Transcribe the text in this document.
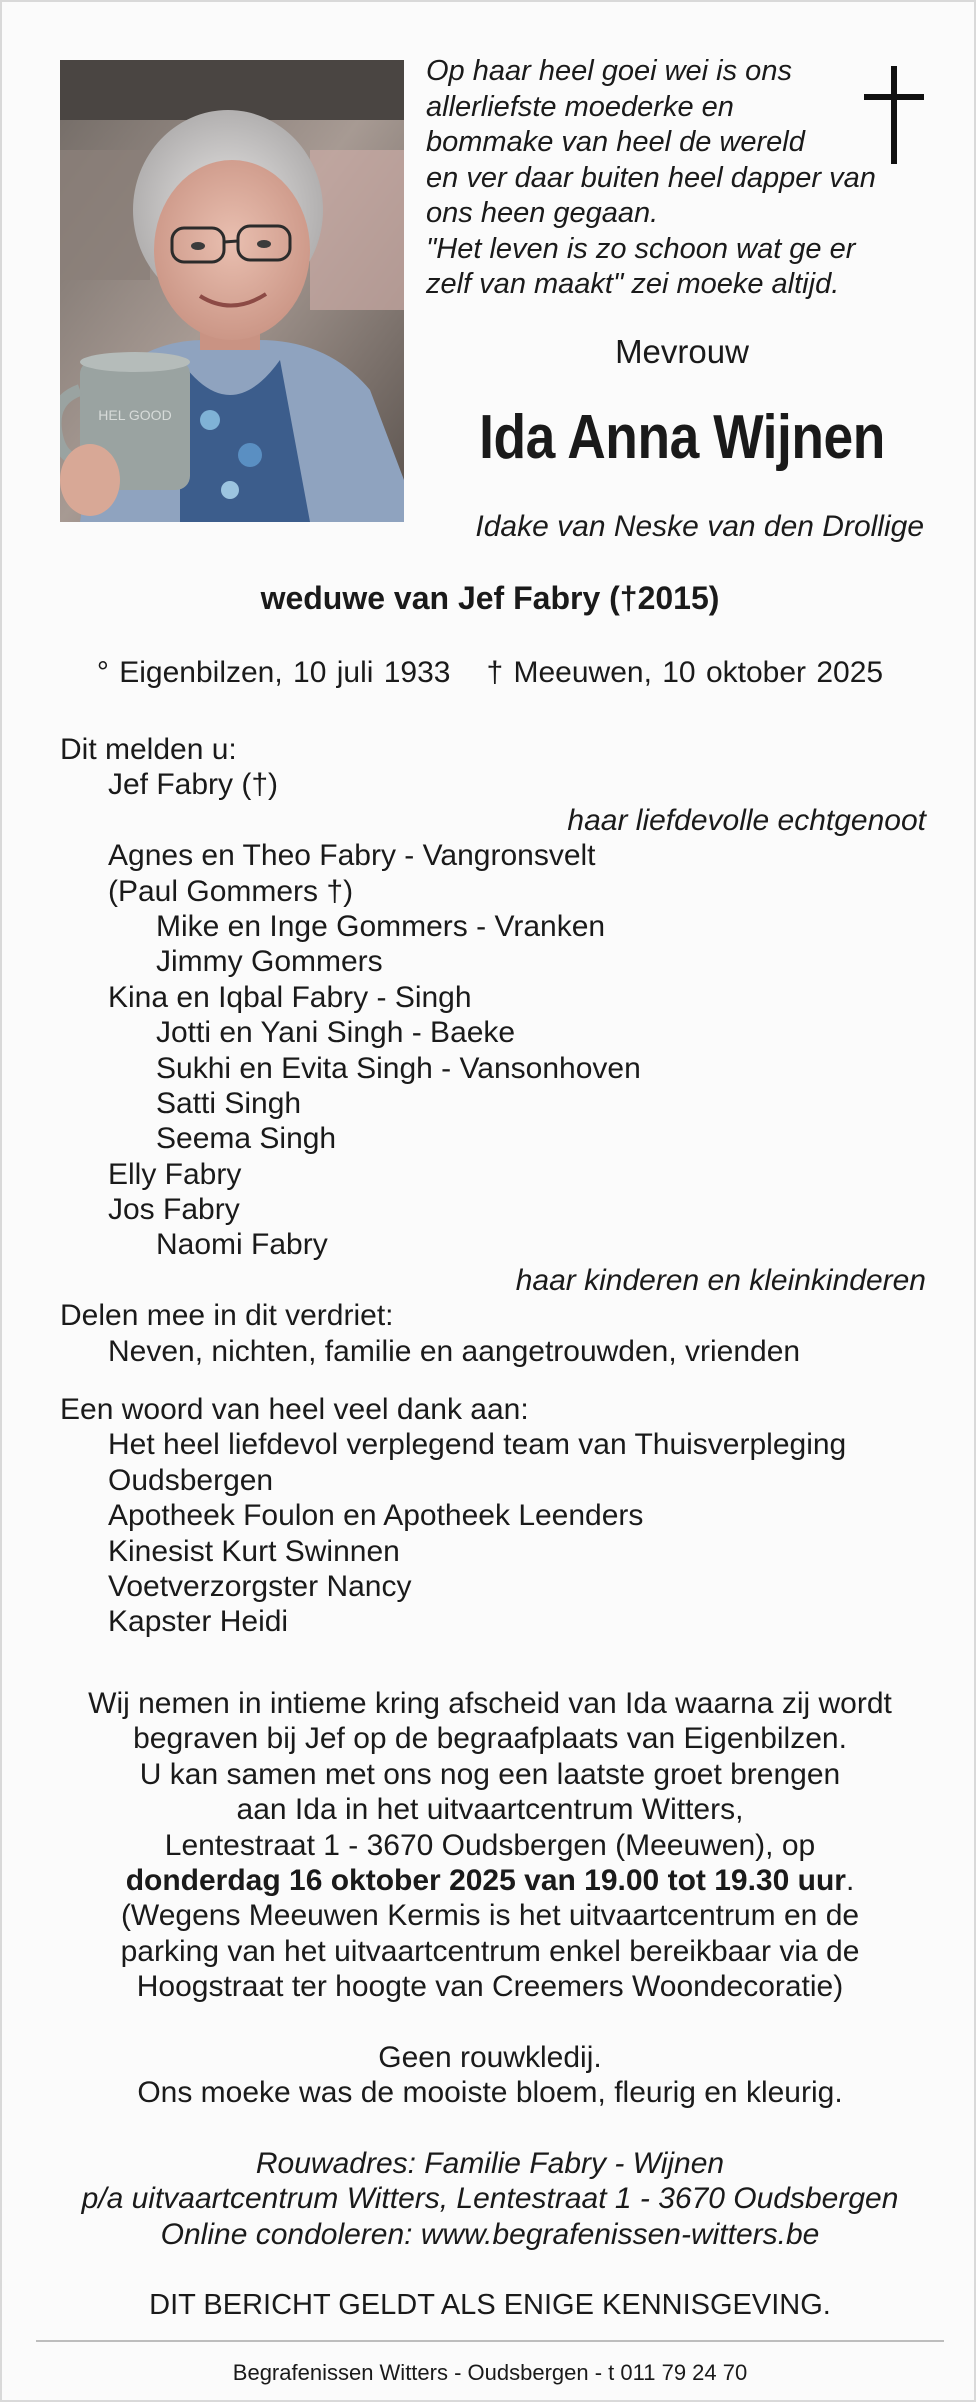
HEL GOOD

Op haar heel goei wei is ons
allerliefste moederke en
bommake van heel de wereld
en ver daar buiten heel dapper van
ons heen gegaan.
"Het leven is zo schoon wat ge er
zelf van maakt" zei moeke altijd.

Mevrouw

Ida Anna Wijnen

Idake van Neske van den Drollige

weduwe van Jef Fabry (†2015)

° Eigenbilzen, 10 juli 1933 † Meeuwen, 10 oktober 2025

Dit melden u:
Jef Fabry (†)
haar liefdevolle echtgenoot
Agnes en Theo Fabry - Vangronsvelt
(Paul Gommers †)
Mike en Inge Gommers - Vranken
Jimmy Gommers
Kina en Iqbal Fabry - Singh
Jotti en Yani Singh - Baeke
Sukhi en Evita Singh - Vansonhoven
Satti Singh
Seema Singh
Elly Fabry
Jos Fabry
Naomi Fabry
haar kinderen en kleinkinderen
Delen mee in dit verdriet:
Neven, nichten, familie en aangetrouwden, vrienden
Een woord van heel veel dank aan:
Het heel liefdevol verplegend team van Thuisverpleging
Oudsbergen
Apotheek Foulon en Apotheek Leenders
Kinesist Kurt Swinnen
Voetverzorgster Nancy
Kapster Heidi
Wij nemen in intieme kring afscheid van Ida waarna zij wordt
begraven bij Jef op de begraafplaats van Eigenbilzen.
U kan samen met ons nog een laatste groet brengen
aan Ida in het uitvaartcentrum Witters,
Lentestraat 1 - 3670 Oudsbergen (Meeuwen), op
donderdag 16 oktober 2025 van 19.00 tot 19.30 uur.
(Wegens Meeuwen Kermis is het uitvaartcentrum en de
parking van het uitvaartcentrum enkel bereikbaar via de
Hoogstraat ter hoogte van Creemers Woondecoratie)
Geen rouwkledij.
Ons moeke was de mooiste bloem, fleurig en kleurig.
Rouwadres: Familie Fabry - Wijnen
p/a uitvaartcentrum Witters, Lentestraat 1 - 3670 Oudsbergen
Online condoleren: www.begrafenissen-witters.be

DIT BERICHT GELDT ALS ENIGE KENNISGEVING.

Begrafenissen Witters - Oudsbergen - t 011 79 24 70
